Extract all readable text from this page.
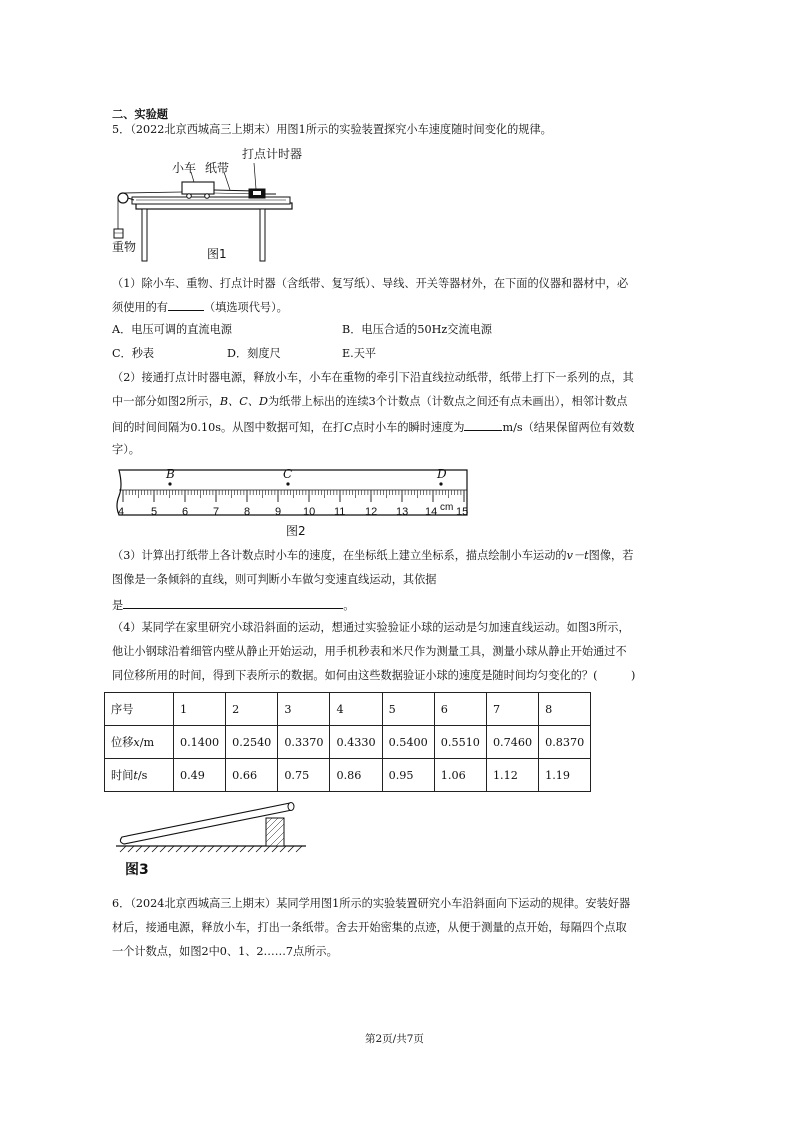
二、实验题
5．（2022北京西城高三上期末）用图1所示的实验装置探究小车速度随时间变化的规律。
打点计时器
小车 纸带
重物	图1
（1）除小车、重物、打点计时器（含纸带、复写纸）、导线、开关等器材外，在下面的仪器和器材中，必
须使用的有	（填选项代号）。
A．电压可调的直流电源	B．电压合适的50Hz交流电源
C．秒表	D．刻度尺	E.天平
（2）接通打点计时器电源，释放小车，小车在重物的牵引下沿直线拉动纸带，纸带上打下一系列的点，其
中一部分如图2所示，B、C、D为纸带上标出的连续3个计数点（计数点之间还有点未画出），相邻计数点
间的时间间隔为0.10s。从图中数据可知，在打C点时小车的瞬时速度为	m/s（结果保留两位有效数
字）。
B	C	D
4 5 6 7 8 9 10 11 12 13 14 cm 15
图2
（3）计算出打纸带上各计数点时小车的速度，在坐标纸上建立坐标系，描点绘制小车运动的v－t图像，若
图像是一条倾斜的直线，则可判断小车做匀变速直线运动，其依据
是	。
（4）某同学在家里研究小球沿斜面的运动，想通过实验验证小球的运动是匀加速直线运动。如图3所示，
他让小钢球沿着细管内壁从静止开始运动，用手机秒表和米尺作为测量工具，测量小球从静止开始通过不
同位移所用的时间，得到下表所示的数据。如何由这些数据验证小球的速度是随时间均匀变化的？(　　　)
序号	1	2	3	4	5	6	7	8
位移x/m	0.1400	0.2540	0.3370	0.4330	0.5400	0.5510	0.7460	0.8370
时间t/s	0.49	0.66	0.75	0.86	0.95	1.06	1.12	1.19
图3
6．（2024北京西城高三上期末）某同学用图1所示的实验装置研究小车沿斜面向下运动的规律。安装好器
材后，接通电源，释放小车，打出一条纸带。舍去开始密集的点迹，从便于测量的点开始，每隔四个点取
一个计数点，如图2中0、1、2……7点所示。
第2页/共7页
